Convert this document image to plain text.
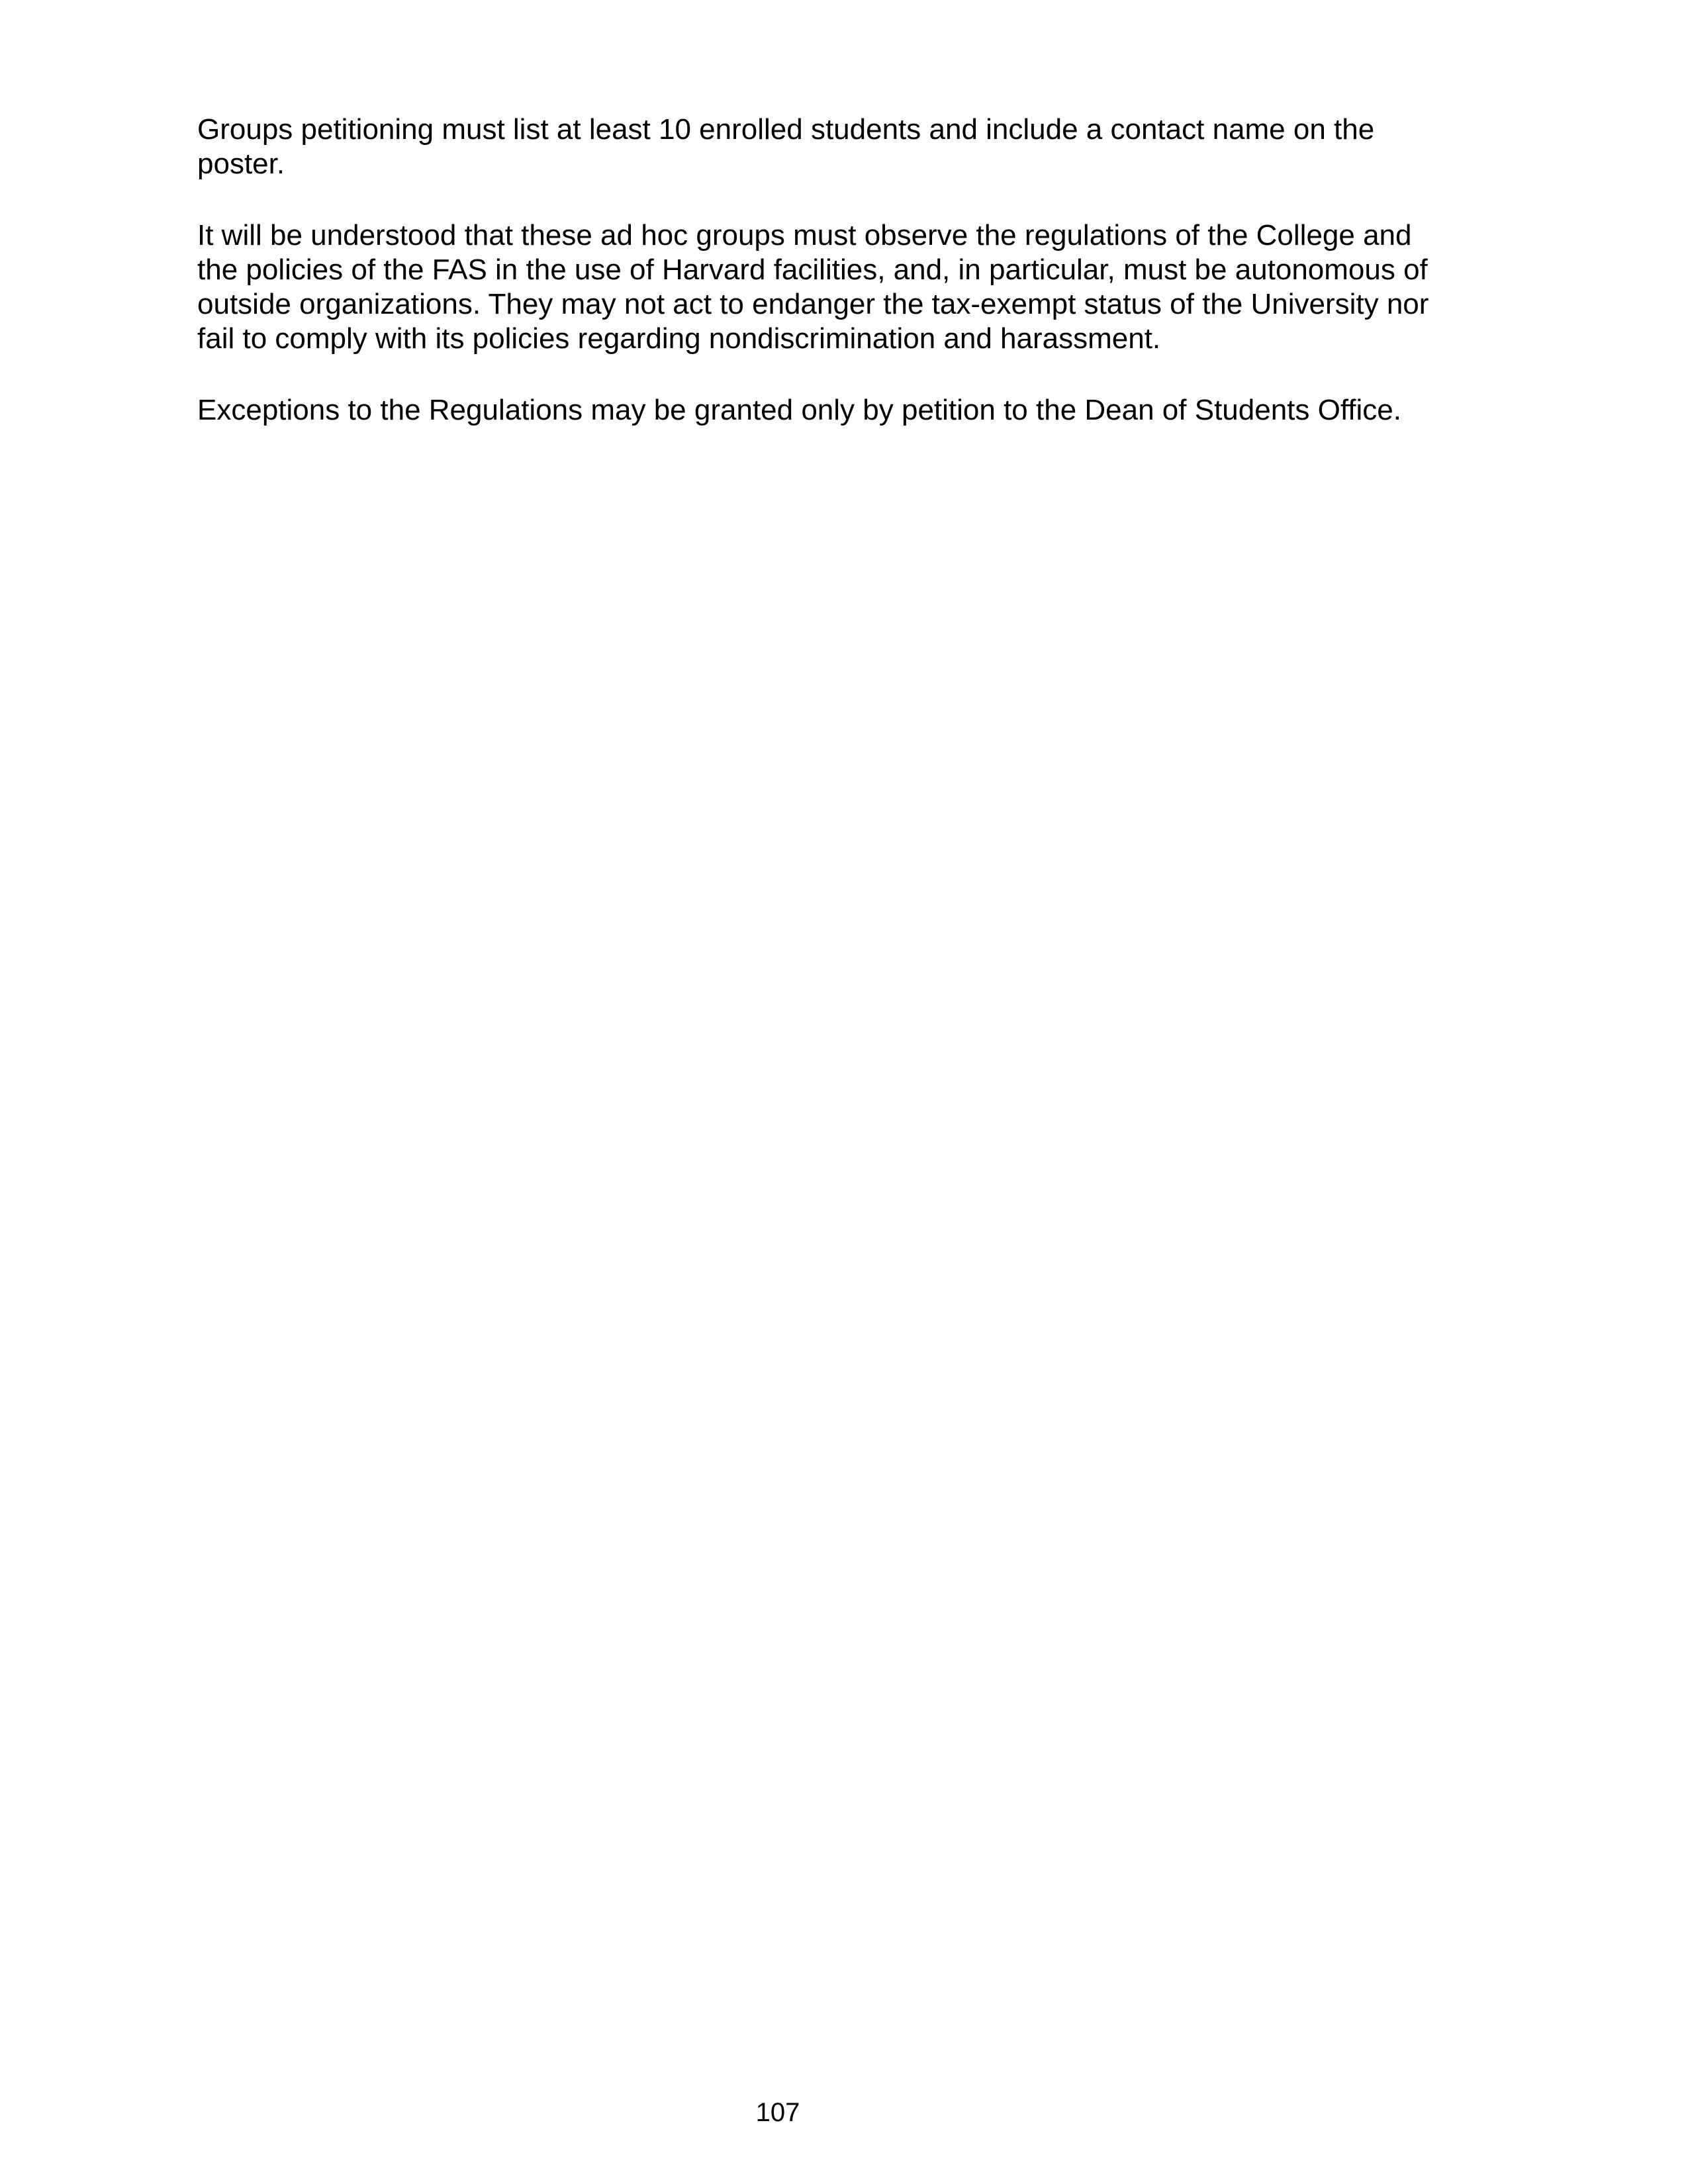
Groups petitioning must list at least 10 enrolled students and include a contact name on the
poster.

It will be understood that these ad hoc groups must observe the regulations of the College and
the policies of the FAS in the use of Harvard facilities, and, in particular, must be autonomous of
outside organizations. They may not act to endanger the tax-exempt status of the University nor
fail to comply with its policies regarding nondiscrimination and harassment.

Exceptions to the Regulations may be granted only by petition to the Dean of Students Office.

107
